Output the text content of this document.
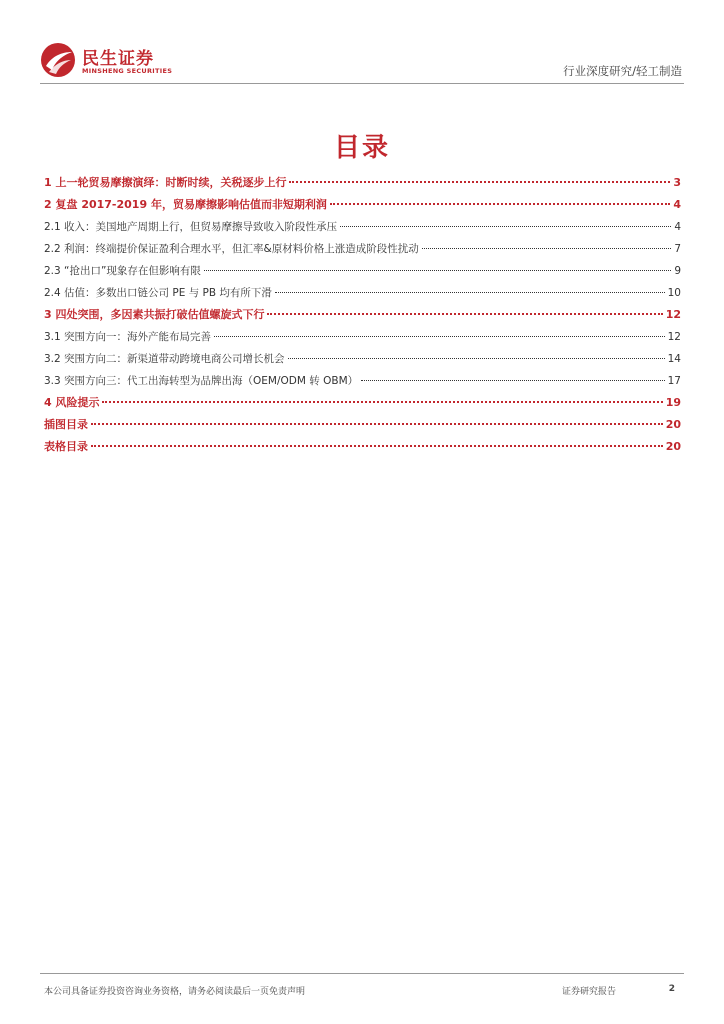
民生证券
MINSHENG SECURITIES	行业深度研究/轻工制造
目录
1 上一轮贸易摩擦演绎：时断时续，关税逐步上行	3
2 复盘 2017-2019 年，贸易摩擦影响估值而非短期利润	4
2.1 收入：美国地产周期上行，但贸易摩擦导致收入阶段性承压	4
2.2 利润：终端提价保证盈利合理水平，但汇率&原材料价格上涨造成阶段性扰动	7
2.3 “抢出口”现象存在但影响有限	9
2.4 估值：多数出口链公司 PE 与 PB 均有所下滑	10
3 四处突围，多因素共振打破估值螺旋式下行	12
3.1 突围方向一：海外产能布局完善	12
3.2 突围方向二：新渠道带动跨境电商公司增长机会	14
3.3 突围方向三：代工出海转型为品牌出海（OEM/ODM 转 OBM）	17
4 风险提示	19
插图目录	20
表格目录	20
本公司具备证券投资咨询业务资格，请务必阅读最后一页免责声明	证券研究报告	2
